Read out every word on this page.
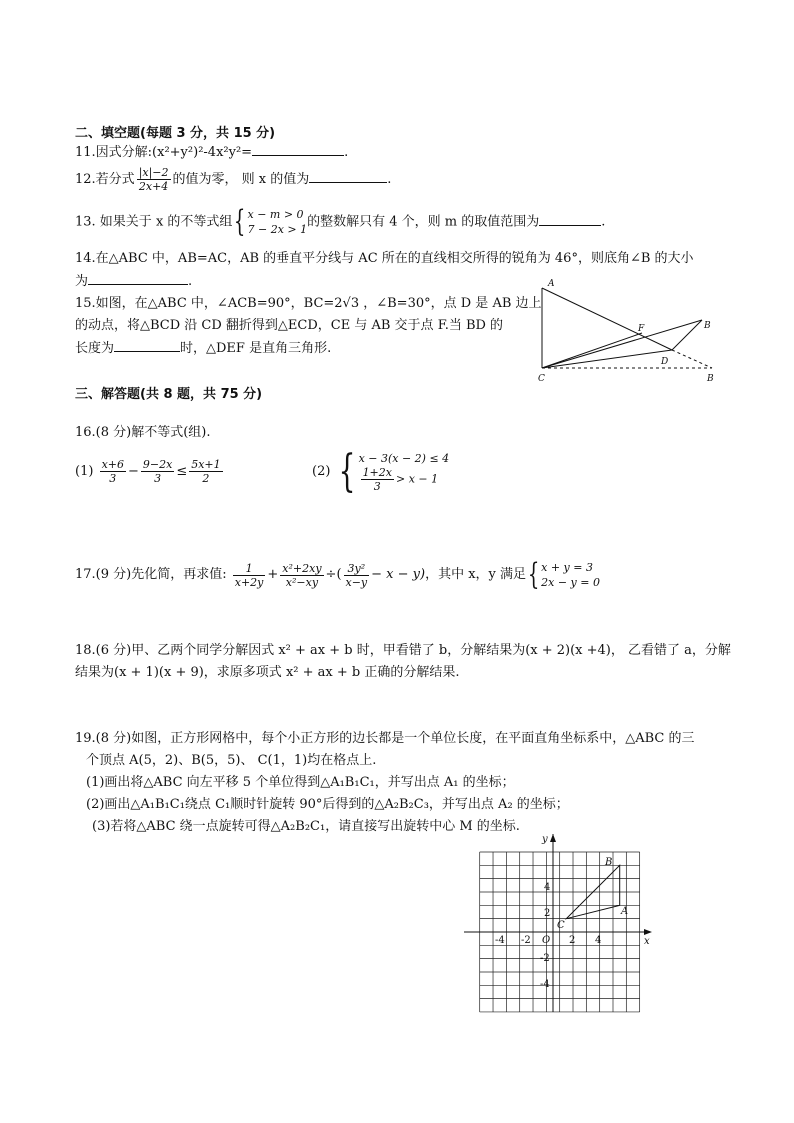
二、填空题(每题 3 分，共 15 分)
11.因式分解:(x²+y²)²-4x²y²=	.
12.若分式 $\frac{|x|-2}{2x+4}$ 的值为零， 则 x 的值为	.
13. 如果关于 x 的不等式组{ x − m > 0
7 − 2x > 1 的整数解只有 4 个，则 m 的取值范围为	.
14.在△ABC 中，AB=AC，AB 的垂直平分线与 AC 所在的直线相交所得的锐角为 46°，则底角∠B 的大小
为	.
15.如图，在△ABC 中，∠ACB=90°，BC=2√3 ，∠B=30°，点 D 是 AB 边上
的动点，将△BCD 沿 CD 翻折得到△ECD，CE 与 AB 交于点 F.当 BD 的
长度为	时，△DEF 是直角三角形.
A
F	B
D
C	B
三、解答题(共 8 题，共 75 分)
16.(8 分)解不等式(组).
$(1) \frac{x+6}{3} - \frac{9-2x}{3} \le \frac{5x+1}{2}$	(2) { x − 3(x − 2) ≤ 4
$\frac{1+2x}{3} > x - 1$
17.(9 分)先化简，再求值: $\frac{1}{x+2y} + \frac{\text{x²+2xy}}{\text{x²−xy}}$ ÷( $\frac{\text{3y²}}{x-y} - x - y$)，其中 x，y 满足{ x + y = 3
2x − y = 0
18.(6 分)甲、乙两个同学分解因式 x² + ax + b 时，甲看错了 b，分解结果为(x + 2)(x +4)， 乙看错了 a，分解
结果为(x + 1)(x + 9)，求原多项式 x² + ax + b 正确的分解结果.
19.(8 分)如图，正方形网格中，每个小正方形的边长都是一个单位长度，在平面直角坐标系中，△ABC 的三
个顶点 A(5，2)、B(5，5)、 C(1，1)均在格点上.
(1)画出将△ABC 向左平移 5 个单位得到△A₁B₁C₁，并写出点 A₁ 的坐标；
(2)画出△A₁B₁C₁绕点 C₁顺时针旋转 90°后得到的△A₂B₂C₃，并写出点 A₂ 的坐标；
(3)若将△ABC 绕一点旋转可得△A₂B₂C₁，请直接写出旋转中心 M 的坐标.
y
x
O
-4 -2	2 4
4
2
-2
-4
A
B
C
